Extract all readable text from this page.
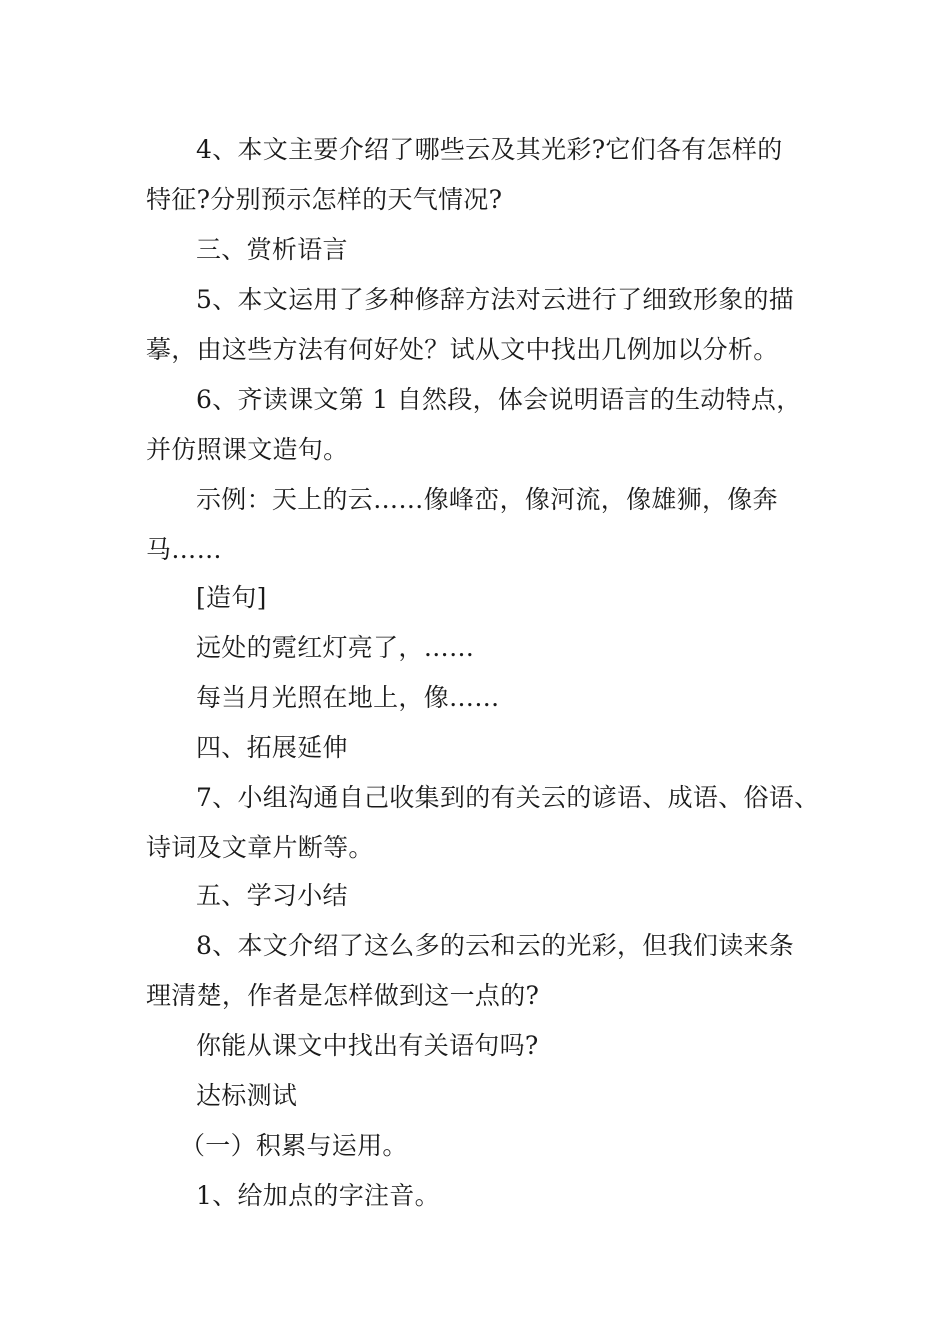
4、本文主要介绍了哪些云及其光彩?它们各有怎样的
特征?分别预示怎样的天气情况?
三、赏析语言
5、本文运用了多种修辞方法对云进行了细致形象的描
摹，由这些方法有何好处？试从文中找出几例加以分析。
6、齐读课文第 1 自然段，体会说明语言的生动特点，
并仿照课文造句。
示例：天上的云……像峰峦，像河流，像雄狮，像奔
马……
[造句]
远处的霓红灯亮了，……
每当月光照在地上，像……
四、拓展延伸
7、小组沟通自己收集到的有关云的谚语、成语、俗语、
诗词及文章片断等。
五、学习小结
8、本文介绍了这么多的云和云的光彩，但我们读来条
理清楚，作者是怎样做到这一点的?
你能从课文中找出有关语句吗?
达标测试
（一）积累与运用。
1、给加点的字注音。
